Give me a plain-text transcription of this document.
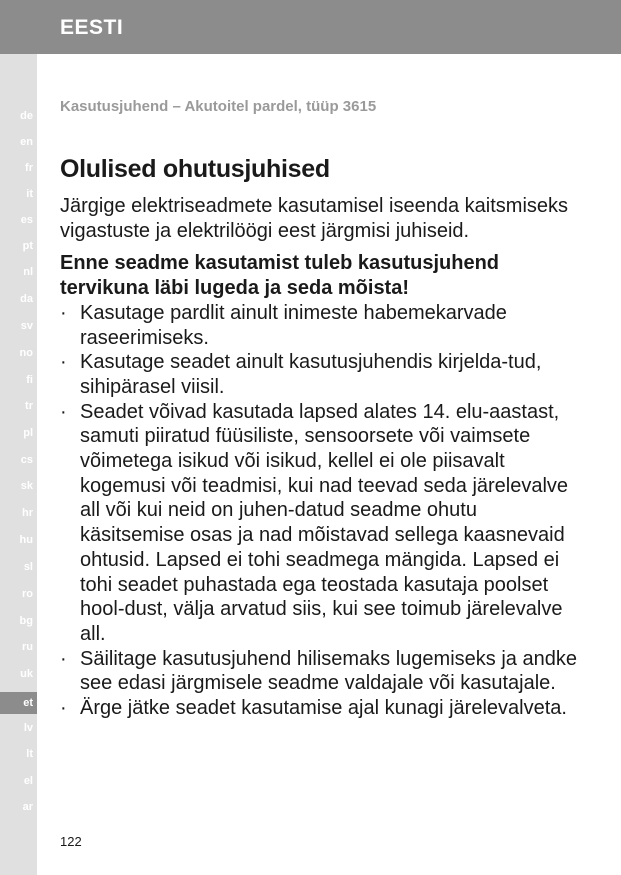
EESTI
de
en
fr
it
es
pt
nl
da
sv
no
fi
tr
pl
cs
sk
hr
hu
sl
ro
bg
ru
uk
et
lv
lt
el
ar
Kasutusjuhend – Akutoitel pardel, tüüp 3615
Olulised ohutusjuhised

Järgige elektriseadmete kasutamisel iseenda kaitsmiseks vigastuste ja elektrilöögi eest järgmisi juhiseid.

Enne seadme kasutamist tuleb kasutusjuhend tervikuna läbi lugeda ja seda mõista!

· Kasutage pardlit ainult inimeste habemekarvade raseerimiseks.
· Kasutage seadet ainult kasutusjuhendis kirjelda-tud, sihipärasel viisil.
· Seadet võivad kasutada lapsed alates 14. elu-aastast, samuti piiratud füüsiliste, sensoorsete või vaimsete võimetega isikud või isikud, kellel ei ole piisavalt kogemusi või teadmisi, kui nad teevad seda järelevalve all või kui neid on juhen-datud seadme ohutu käsitsemise osas ja nad mõistavad sellega kaasnevaid ohtusid. Lapsed ei tohi seadmega mängida. Lapsed ei tohi seadet puhastada ega teostada kasutaja poolset hool-dust, välja arvatud siis, kui see toimub järelevalve all.
· Säilitage kasutusjuhend hilisemaks lugemiseks ja andke see edasi järgmisele seadme valdajale või kasutajale.
· Ärge jätke seadet kasutamise ajal kunagi järelevalveta.
122
